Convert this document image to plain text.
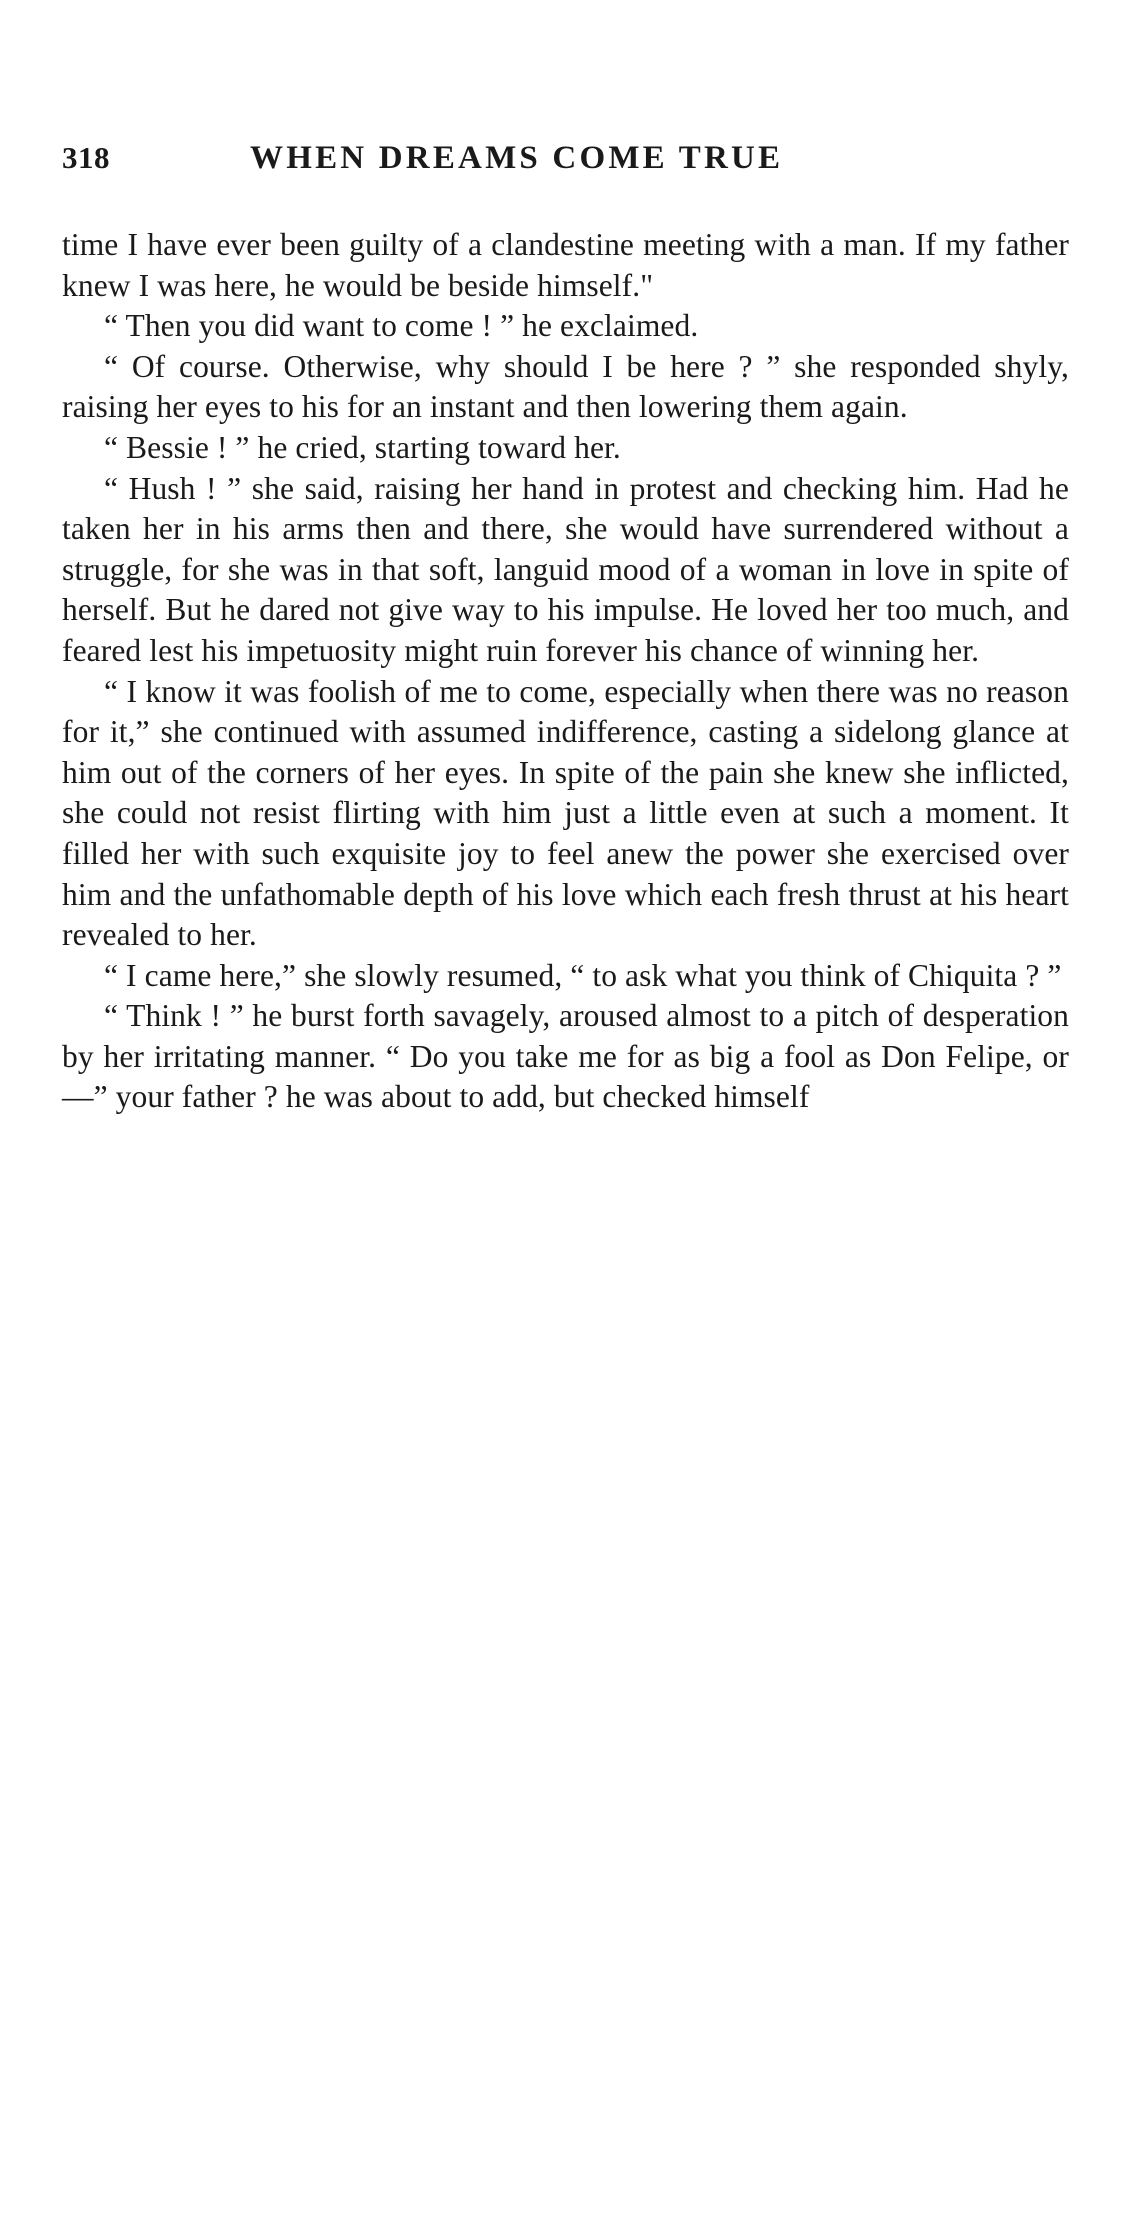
318	WHEN DREAMS COME TRUE

time I have ever been guilty of a clandestine meeting with a man. If my father knew I was here, he would be beside himself."

“ Then you did want to come ! ” he exclaimed.

“ Of course. Otherwise, why should I be here ? ” she responded shyly, raising her eyes to his for an instant and then lowering them again.

“ Bessie ! ” he cried, starting toward her.

“ Hush ! ” she said, raising her hand in protest and checking him. Had he taken her in his arms then and there, she would have surrendered without a struggle, for she was in that soft, languid mood of a woman in love in spite of herself. But he dared not give way to his impulse. He loved her too much, and feared lest his impetuosity might ruin forever his chance of winning her.

“ I know it was foolish of me to come, especially when there was no reason for it,” she continued with assumed indifference, casting a sidelong glance at him out of the corners of her eyes. In spite of the pain she knew she inflicted, she could not resist flirting with him just a little even at such a moment. It filled her with such exquisite joy to feel anew the power she exercised over him and the unfathomable depth of his love which each fresh thrust at his heart revealed to her.

“ I came here,” she slowly resumed, “ to ask what you think of Chiquita ? ”

“ Think ! ” he burst forth savagely, aroused almost to a pitch of desperation by her irritating manner. “ Do you take me for as big a fool as Don Felipe, or—” your father ? he was about to add, but checked himself
